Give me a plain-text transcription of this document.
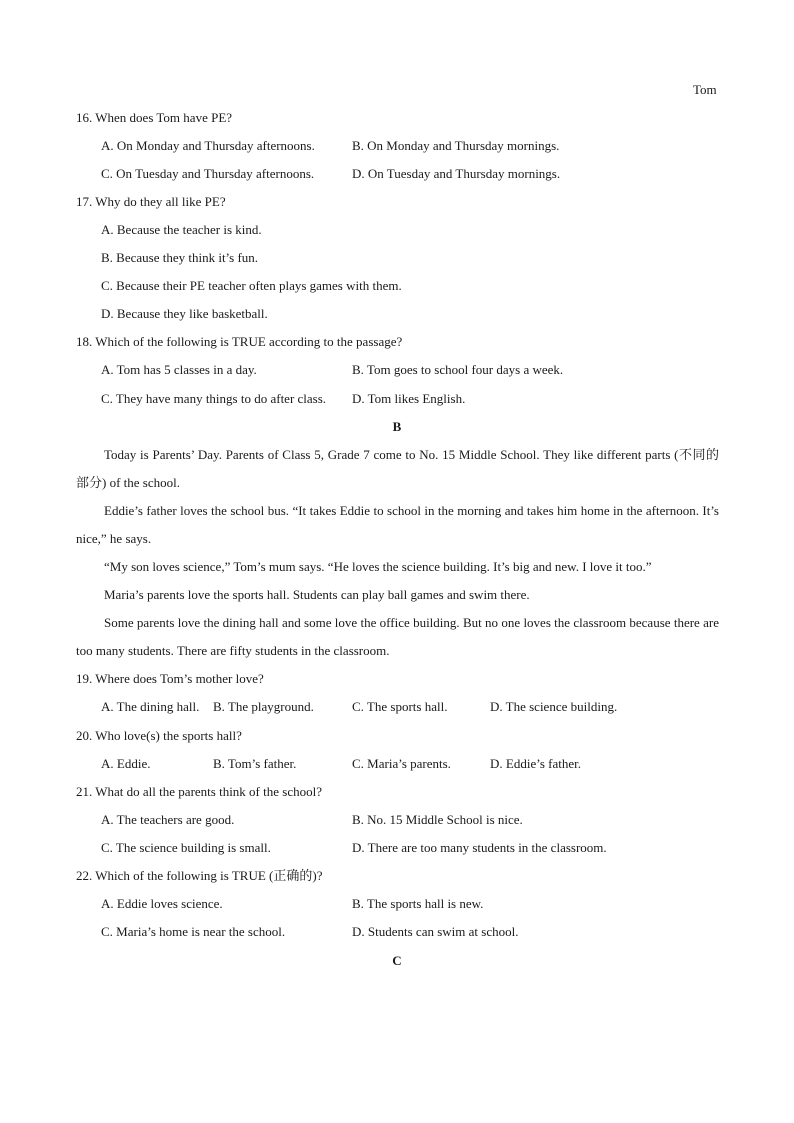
Tom
16. When does Tom have PE?
A. On Monday and Thursday afternoons.	B. On Monday and Thursday mornings.
C. On Tuesday and Thursday afternoons.	D. On Tuesday and Thursday mornings.
17. Why do they all like PE?
A. Because the teacher is kind.
B. Because they think it’s fun.
C. Because their PE teacher often plays games with them.
D. Because they like basketball.
18. Which of the following is TRUE according to the passage?
A. Tom has 5 classes in a day.	B. Tom goes to school four days a week.
C. They have many things to do after class. D. Tom likes English.
B
Today is Parents’ Day. Parents of Class 5, Grade 7 come to No. 15 Middle School. They like different parts (不同的部分) of the school.
Eddie’s father loves the school bus. “It takes Eddie to school in the morning and takes him home in the afternoon. It’s nice,” he says.
“My son loves science,” Tom’s mum says. “He loves the science building. It’s big and new. I love it too.”
Maria’s parents love the sports hall. Students can play ball games and swim there.
Some parents love the dining hall and some love the office building. But no one loves the classroom because there are too many students. There are fifty students in the classroom.
19. Where does Tom’s mother love?
A. The dining hall. B. The playground.	C. The sports hall.	D. The science building.
20. Who love(s) the sports hall?
A. Eddie.	B. Tom’s father.	C. Maria’s parents.	D. Eddie’s father.
21. What do all the parents think of the school?
A. The teachers are good.	B. No. 15 Middle School is nice.
C. The science building is small.	D. There are too many students in the classroom.
22. Which of the following is TRUE (正确的)?
A. Eddie loves science.	B. The sports hall is new.
C. Maria’s home is near the school.	D. Students can swim at school.
C
